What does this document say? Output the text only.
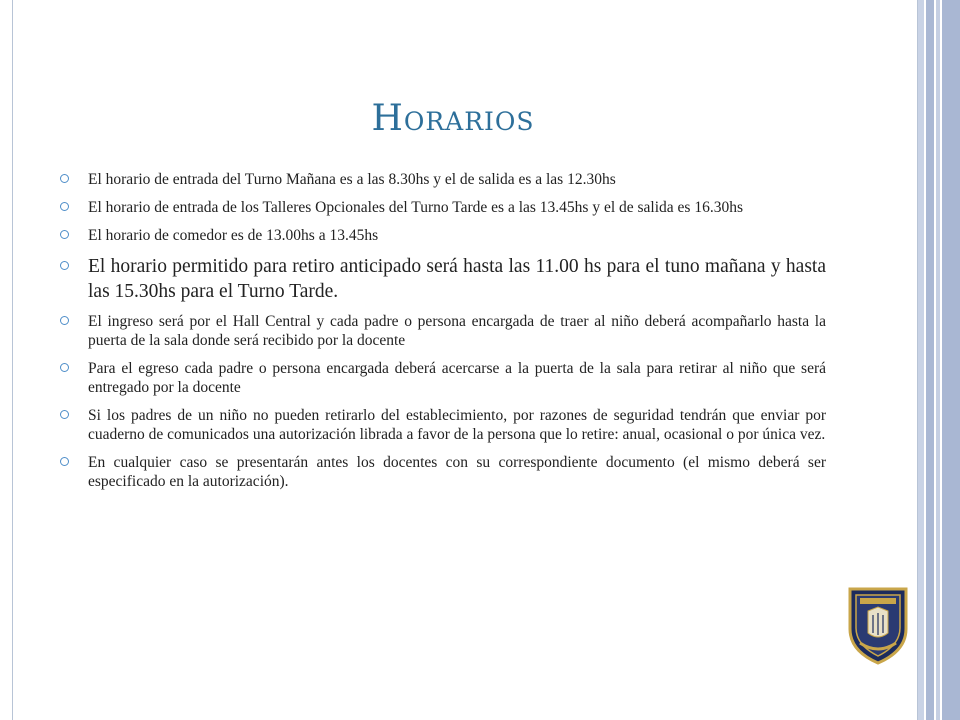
Horarios
El horario de entrada del Turno Mañana es a las 8.30hs y el de salida es a las 12.30hs
El horario de entrada de los Talleres Opcionales del Turno Tarde es a las 13.45hs y el de salida es 16.30hs
El horario de comedor es de 13.00hs a 13.45hs
El horario permitido para retiro anticipado será hasta las 11.00 hs para el tuno mañana y hasta las 15.30hs para el Turno Tarde.
El ingreso será por el Hall Central y cada padre o persona encargada de traer al niño deberá acompañarlo hasta la puerta de la sala donde será recibido por la docente
Para el egreso cada padre o persona encargada deberá acercarse a la puerta de la sala para retirar al niño que será entregado por la docente
Si los padres de un niño no pueden retirarlo del establecimiento, por razones de seguridad tendrán que enviar por cuaderno de comunicados una autorización librada a favor de la persona que lo retire: anual, ocasional o por única vez.
En cualquier caso se presentarán antes los docentes con su correspondiente documento (el mismo deberá ser especificado en la autorización).
